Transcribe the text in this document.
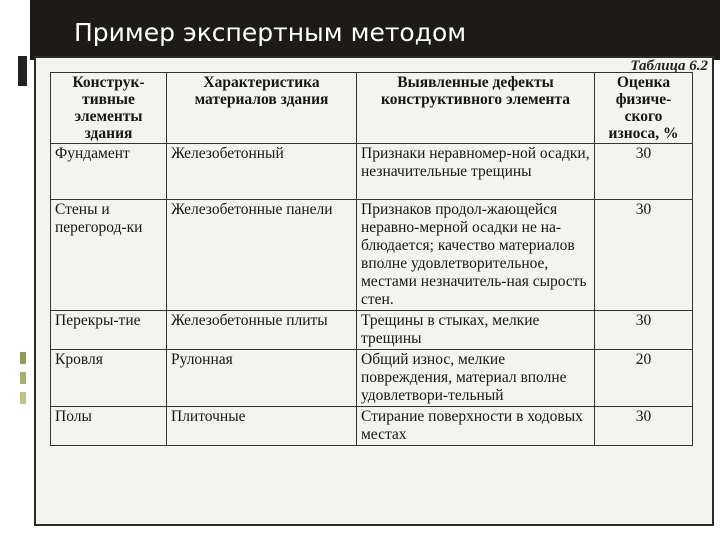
Пример экспертным методом
Таблица 6.2
Конструк-тивные элементы здания	Характеристика материалов здания	Выявленные дефекты конструктивного элемента	Оценка физиче-ского износа, %
Фундамент	Железобетонный	Признаки неравномер-ной осадки, незначительные трещины	30
Стены и перегород-ки	Железобетонные панели	Признаков продол-жающейся неравно-мерной осадки не на-блюдается; качество материалов вполне удовлетворительное, местами незначитель-ная сырость стен.	30
Перекры-тие	Железобетонные плиты	Трещины в стыках, мелкие трещины	30
Кровля	Рулонная	Общий износ, мелкие повреждения, материал вполне удовлетвори-тельный	20
Полы	Плиточные	Стирание поверхности в ходовых местах	30
